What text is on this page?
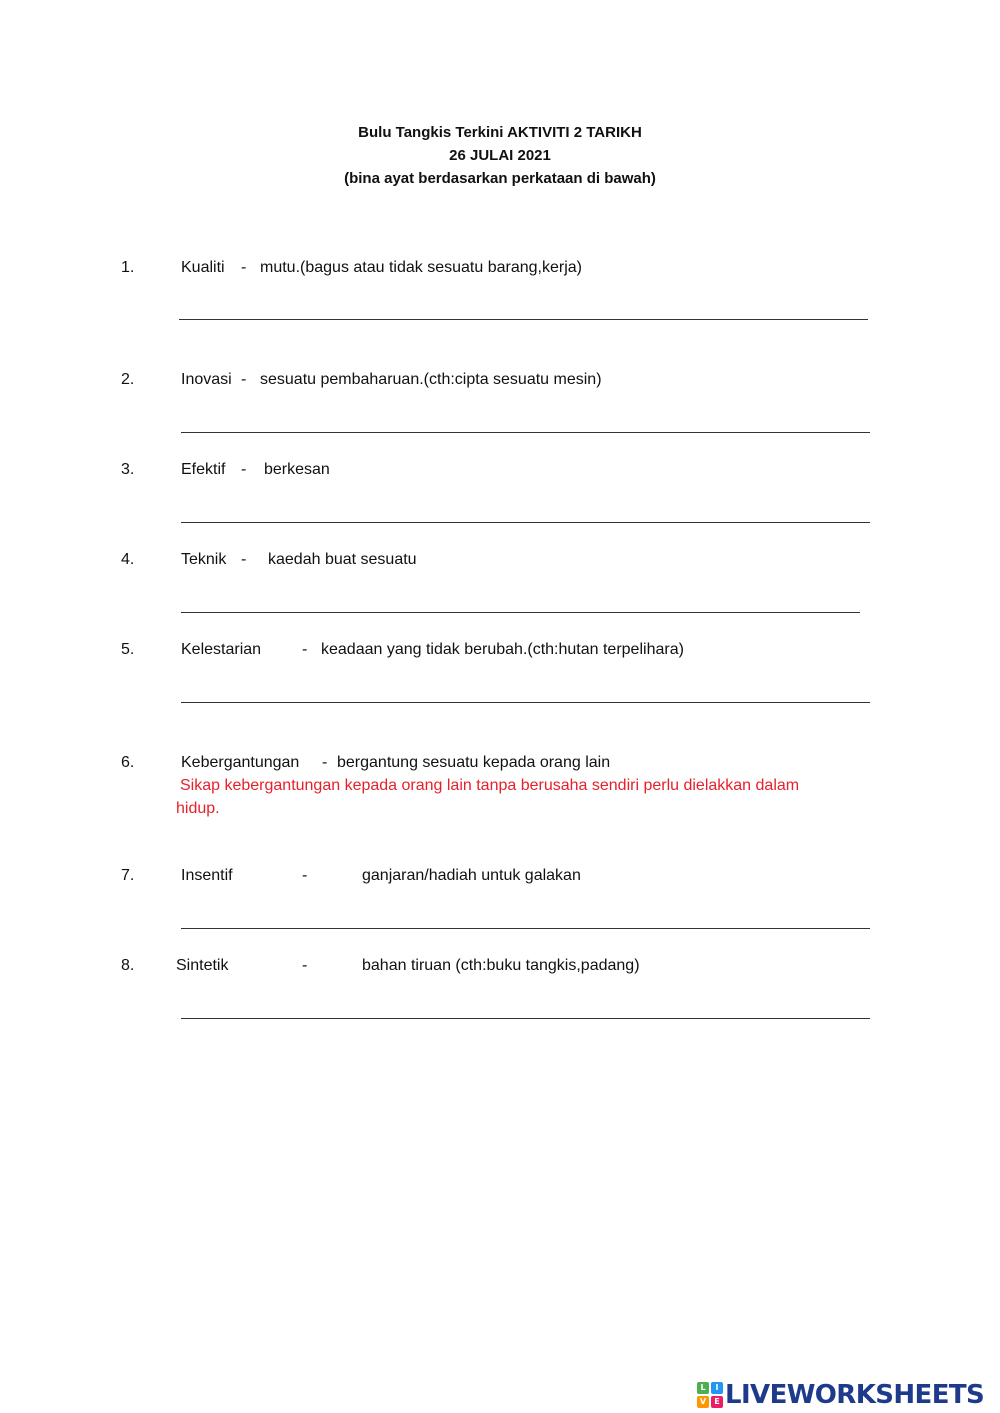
Bulu Tangkis Terkini AKTIVITI 2 TARIKH
26 JULAI 2021
(bina ayat berdasarkan perkataan di bawah)
1.	Kualiti - mutu.(bagus atau tidak sesuatu barang,kerja)
2.	Inovasi - sesuatu pembaharuan.(cth:cipta sesuatu mesin)
3.	Efektif - berkesan
4.	Teknik - kaedah buat sesuatu
5.	Kelestarian	- keadaan yang tidak berubah.(cth:hutan terpelihara)
6.	Kebergantungan - bergantung sesuatu kepada orang lain
Sikap kebergantungan kepada orang lain tanpa berusaha sendiri perlu dielakkan dalam
hidup.
7.	Insentif	-	ganjaran/hadiah untuk galakan
8.	Sintetik	-	bahan tiruan (cth:buku tangkis,padang)
L	I
V	E LIVEWORKSHEETS
